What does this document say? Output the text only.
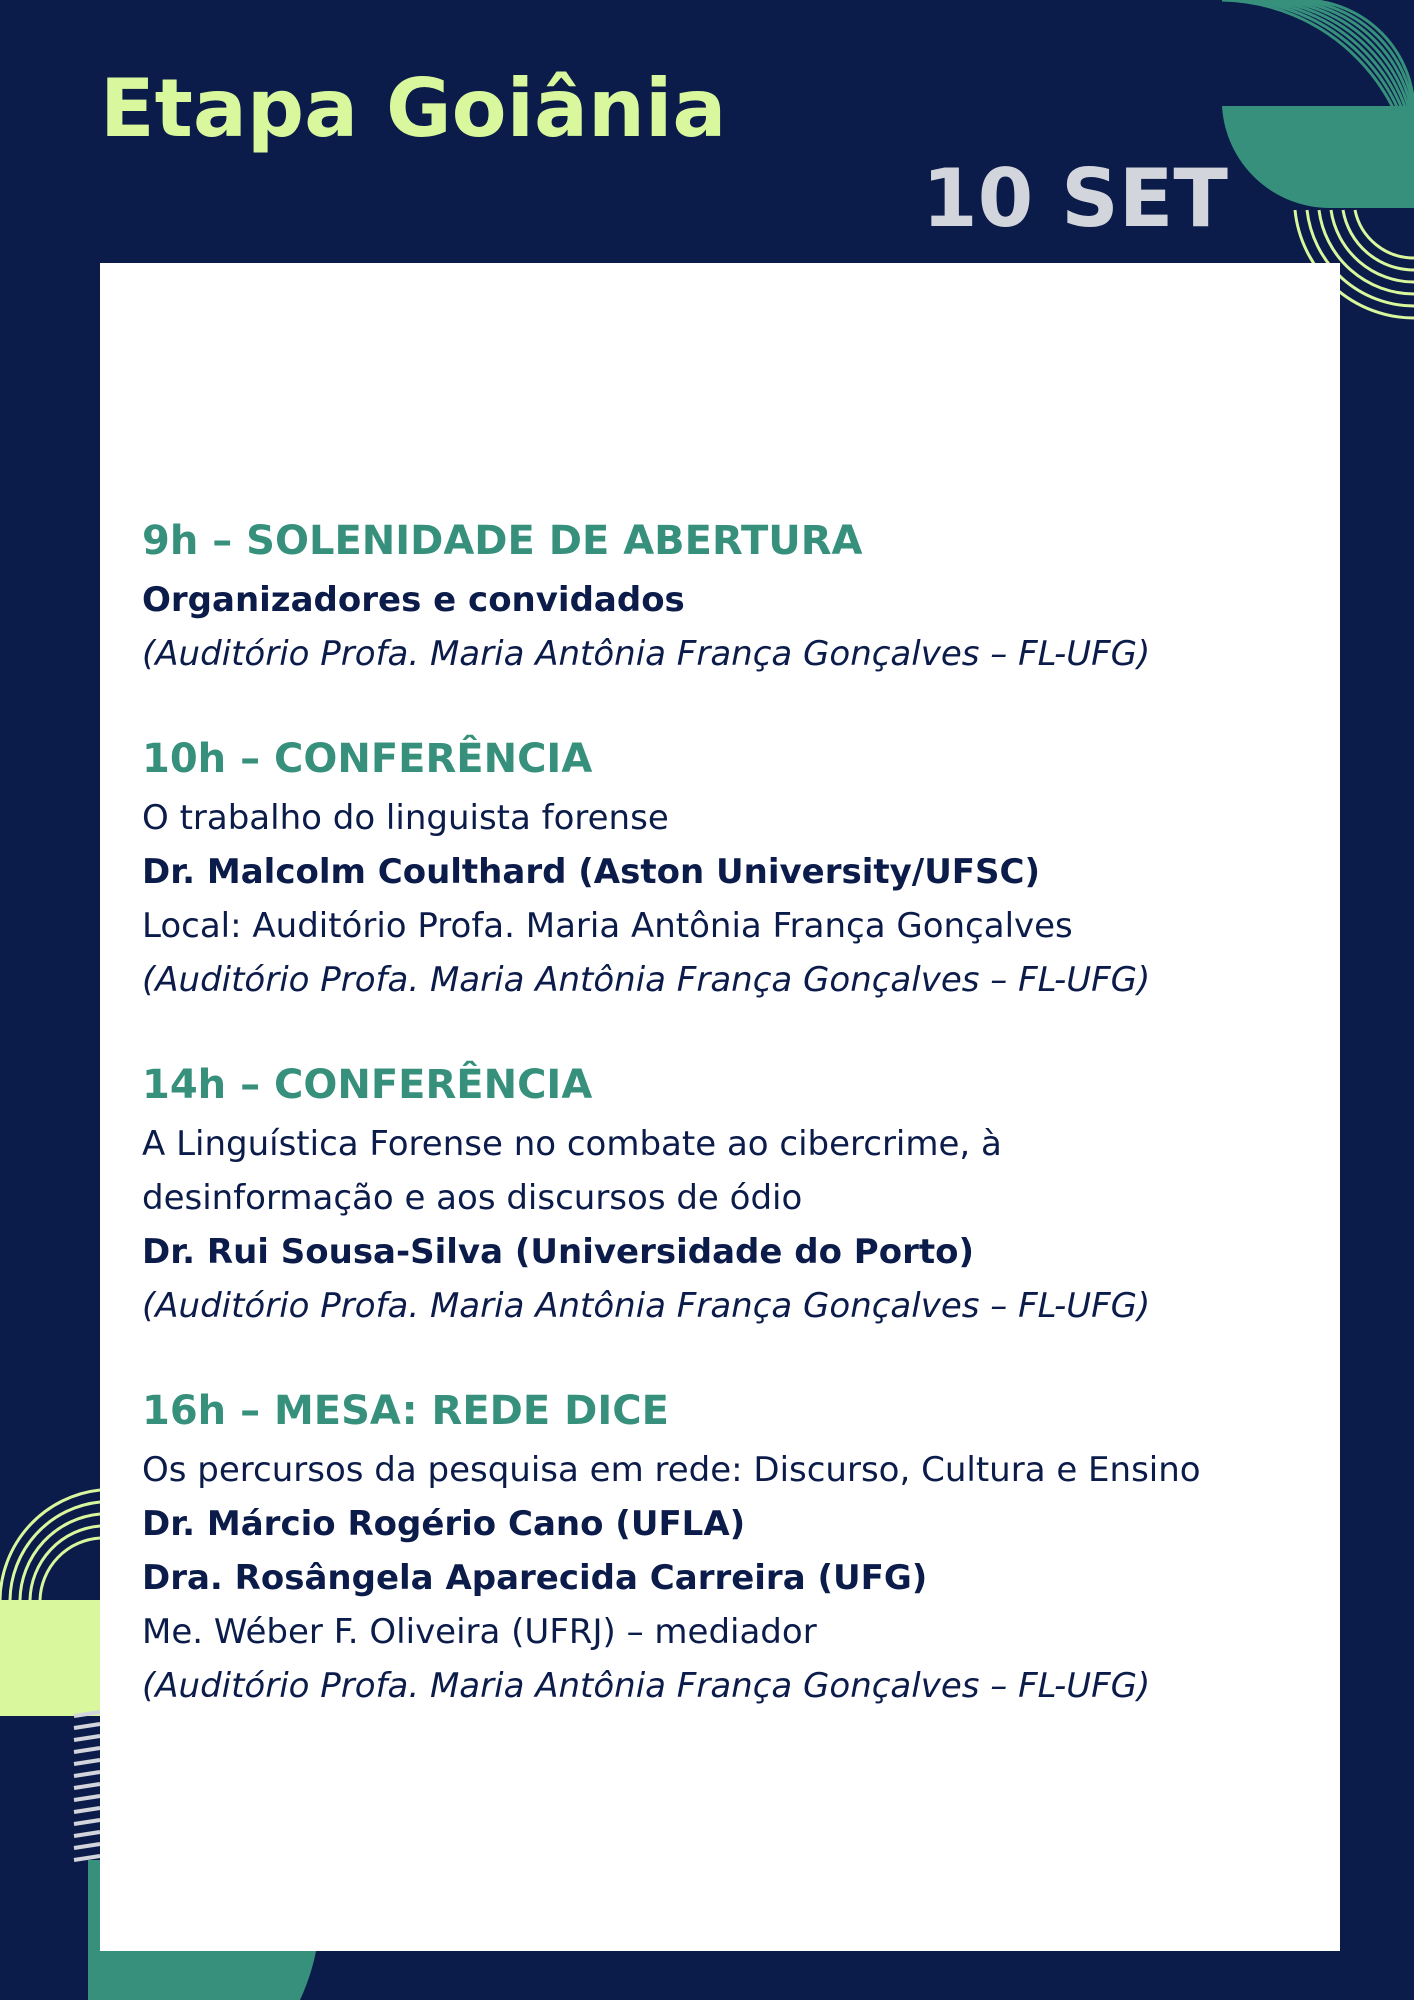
Etapa Goiânia
10 SET
9h – SOLENIDADE DE ABERTURA
Organizadores e convidados
(Auditório Profa. Maria Antônia França Gonçalves – FL-UFG)
10h – CONFERÊNCIA
O trabalho do linguista forense
Dr. Malcolm Coulthard (Aston University/UFSC)
Local: Auditório Profa. Maria Antônia França Gonçalves
(Auditório Profa. Maria Antônia França Gonçalves – FL-UFG)
14h – CONFERÊNCIA
A Linguística Forense no combate ao cibercrime, à
desinformação e aos discursos de ódio
Dr. Rui Sousa-Silva (Universidade do Porto)
(Auditório Profa. Maria Antônia França Gonçalves – FL-UFG)
16h – MESA: REDE DICE
Os percursos da pesquisa em rede: Discurso, Cultura e Ensino
Dr. Márcio Rogério Cano (UFLA)
Dra. Rosângela Aparecida Carreira (UFG)
Me. Wéber F. Oliveira (UFRJ) – mediador
(Auditório Profa. Maria Antônia França Gonçalves – FL-UFG)
